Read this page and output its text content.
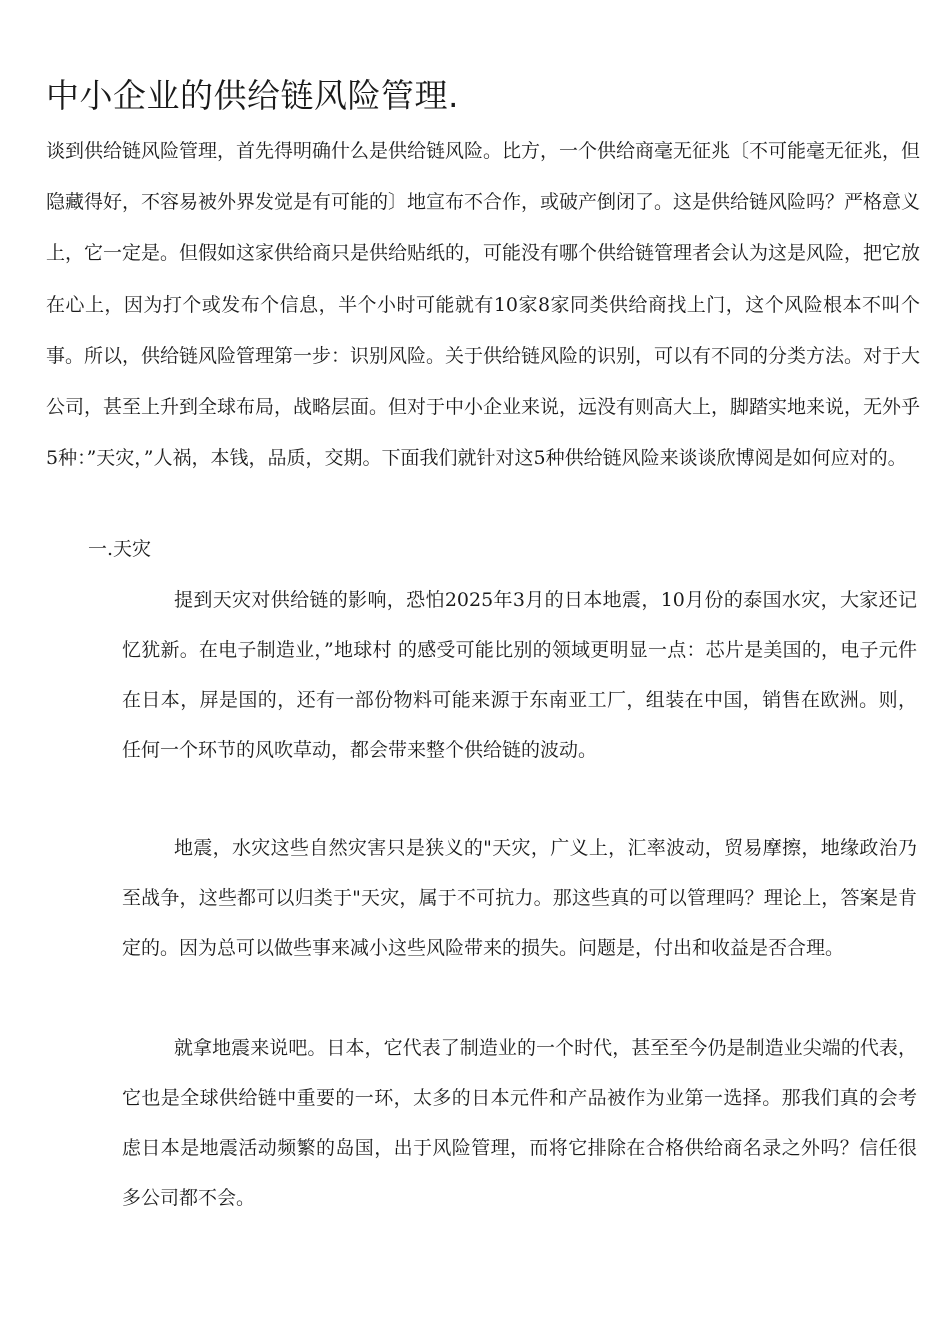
中小企业的供给链风险管理.

谈到供给链风险管理，首先得明确什么是供给链风险。比方，一个供给商毫无征兆〔不可能毫无征兆，但隐藏得好，不容易被外界发觉是有可能的〕地宣布不合作，或破产倒闭了。这是供给链风险吗？严格意义上，它一定是。但假如这家供给商只是供给贴纸的，可能没有哪个供给链管理者会认为这是风险，把它放在心上，因为打个或发布个信息，半个小时可能就有10家8家同类供给商找上门，这个风险根本不叫个事。所以，供给链风险管理第一步：识别风险。关于供给链风险的识别，可以有不同的分类方法。对于大公司，甚至上升到全球布局，战略层面。但对于中小企业来说，远没有则高大上，脚踏实地来说，无外乎5种：”天灾，”人祸，本钱，品质，交期。下面我们就针对这5种供给链风险来谈谈欣博阅是如何应对的。

一.天灾

提到天灾对供给链的影响，恐怕2025年3月的日本地震，10月份的泰国水灾，大家还记忆犹新。在电子制造业，”地球村 的感受可能比别的领域更明显一点：芯片是美国的，电子元件在日本，屏是国的，还有一部份物料可能来源于东南亚工厂，组装在中国，销售在欧洲。则，任何一个环节的风吹草动，都会带来整个供给链的波动。

地震，水灾这些自然灾害只是狭义的"天灾，广义上，汇率波动，贸易摩擦，地缘政治乃至战争，这些都可以归类于"天灾，属于不可抗力。那这些真的可以管理吗？理论上，答案是肯定的。因为总可以做些事来减小这些风险带来的损失。问题是，付出和收益是否合理。

就拿地震来说吧。日本，它代表了制造业的一个时代，甚至至今仍是制造业尖端的代表，它也是全球供给链中重要的一环，太多的日本元件和产品被作为业第一选择。那我们真的会考虑日本是地震活动频繁的岛国，出于风险管理，而将它排除在合格供给商名录之外吗？信任很多公司都不会。
